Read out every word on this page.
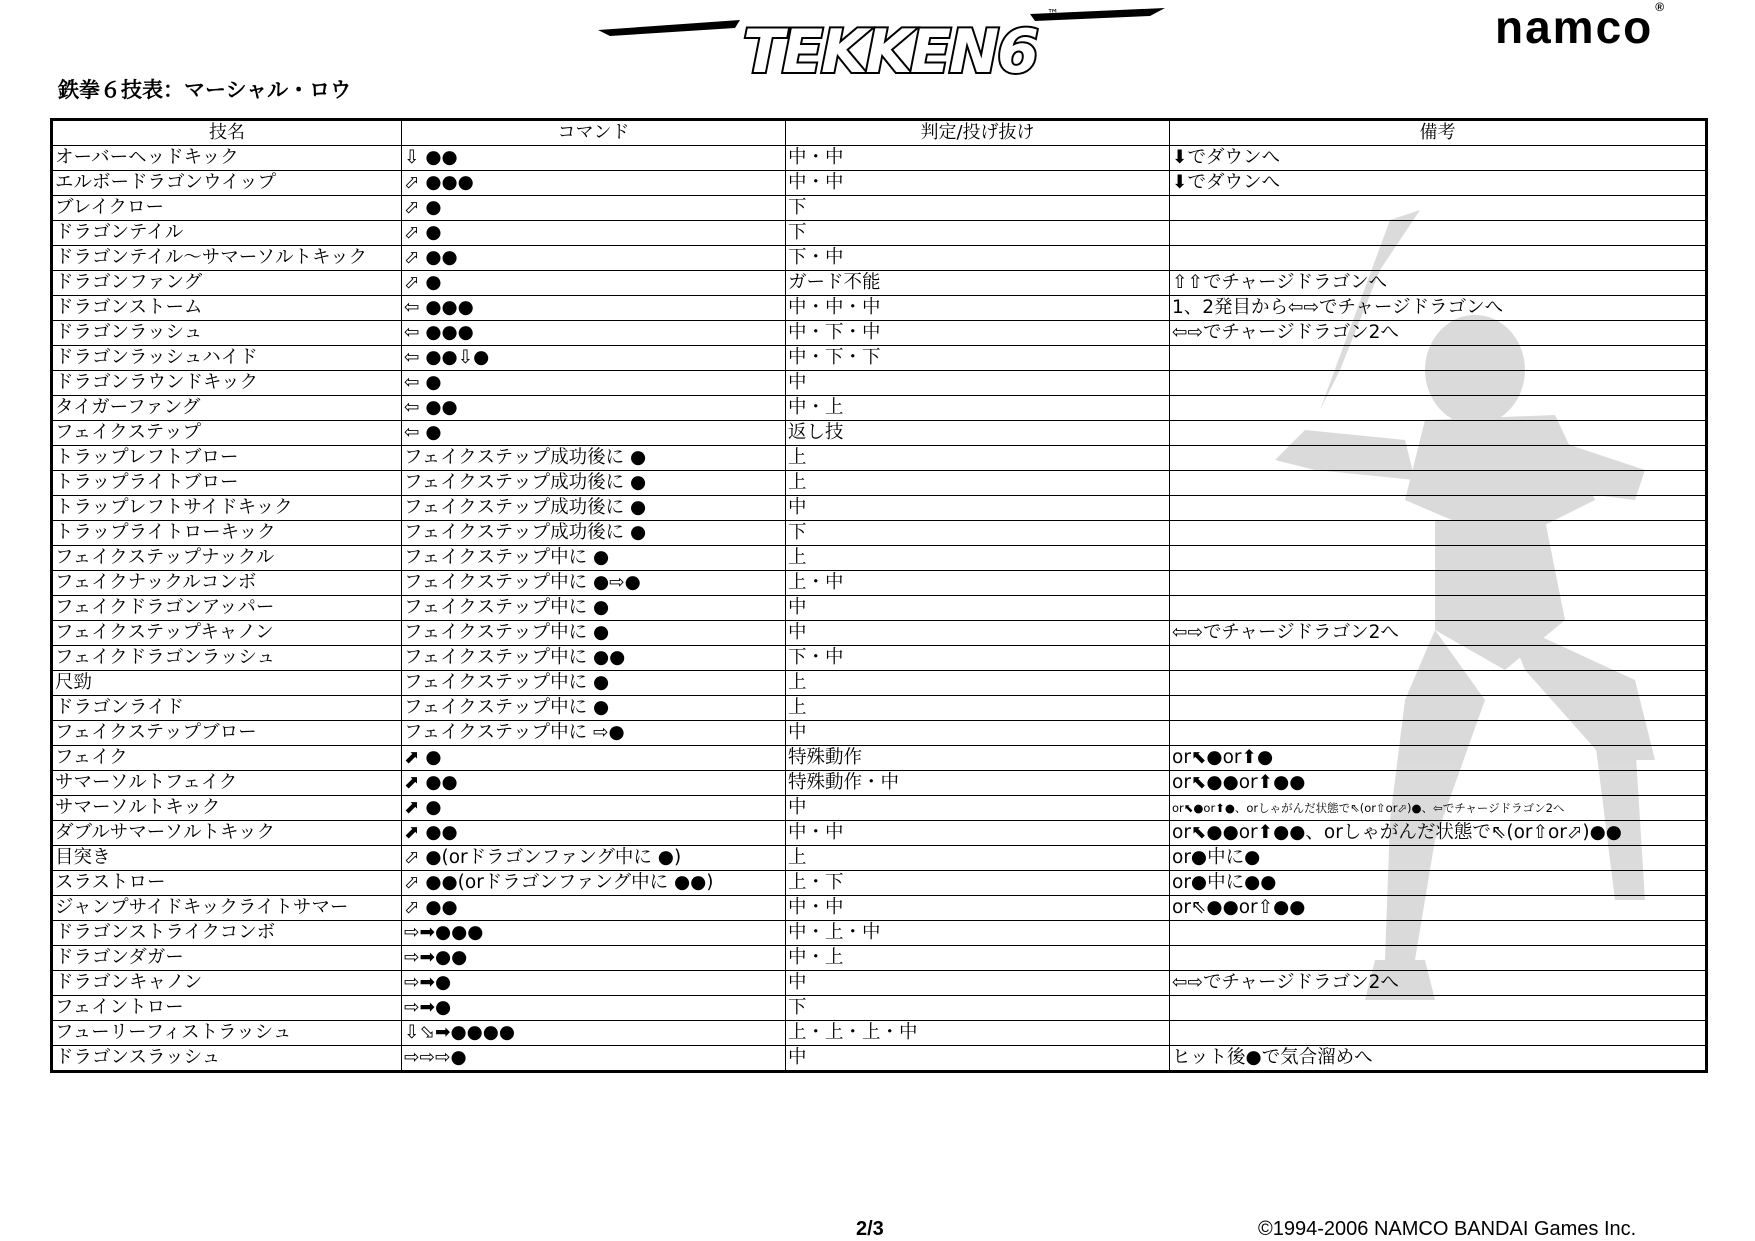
TEKKEN6
™	namco ®
鉄拳６技表：マーシャル・ロウ
技名	コマンド	判定/投げ抜け	備考
オーバーヘッドキック	⇩ ●●	中・中	⬇でダウンへ
エルボードラゴンウイップ	⬀ ●●●	中・中	⬇でダウンへ
ブレイクロー	⬀ ●	下	
ドラゴンテイル	⬀ ●	下	
ドラゴンテイル～サマーソルトキック	⬀ ●●	下・中	
ドラゴンファング	⬀ ●	ガード不能	⇧⇧でチャージドラゴンへ
ドラゴンストーム	⇦ ●●●	中・中・中	1、2発目から⇦⇨でチャージドラゴンへ
ドラゴンラッシュ	⇦ ●●●	中・下・中	⇦⇨でチャージドラゴン2へ
ドラゴンラッシュハイド	⇦ ●●⇩●	中・下・下	
ドラゴンラウンドキック	⇦ ●	中	
タイガーファング	⇦ ●●	中・上	
フェイクステップ	⇦ ●	返し技	
トラップレフトブロー	フェイクステップ成功後に ●	上	
トラップライトブロー	フェイクステップ成功後に ●	上	
トラップレフトサイドキック	フェイクステップ成功後に ●	中	
トラップライトローキック	フェイクステップ成功後に ●	下	
フェイクステップナックル	フェイクステップ中に ●	上	
フェイクナックルコンボ	フェイクステップ中に ●⇨●	上・中	
フェイクドラゴンアッパー	フェイクステップ中に ●	中	
フェイクステップキャノン	フェイクステップ中に ●	中	⇦⇨でチャージドラゴン2へ
フェイクドラゴンラッシュ	フェイクステップ中に ●●	下・中	
尺勁	フェイクステップ中に ●	上	
ドラゴンライド	フェイクステップ中に ●	上	
フェイクステップブロー	フェイクステップ中に ⇨●	中	
フェイク	⬈ ●	特殊動作	or⬉●or⬆●
サマーソルトフェイク	⬈ ●●	特殊動作・中	or⬉●●or⬆●●
サマーソルトキック	⬈ ●	中	or⬉●or⬆●、orしゃがんだ状態で⇖(or⇧or⬀)●、⇦でチャージドラゴン2へ
ダブルサマーソルトキック	⬈ ●●	中・中	or⬉●●or⬆●●、orしゃがんだ状態で⇖(or⇧or⬀)●●
目突き	⬀ ●(orドラゴンファング中に ●)	上	or●中に●
スラストロー	⬀ ●●(orドラゴンファング中に ●●)	上・下	or●中に●●
ジャンプサイドキックライトサマー	⬀ ●●	中・中	or⇖●●or⇧●●
ドラゴンストライクコンボ	⇨➡●●●	中・上・中	
ドラゴンダガー	⇨➡●●	中・上	
ドラゴンキャノン	⇨➡●	中	⇦⇨でチャージドラゴン2へ
フェイントロー	⇨➡●	下	
フューリーフィストラッシュ	⇩⬂➡●●●●	上・上・上・中	
ドラゴンスラッシュ	⇨⇨⇨●	中	ヒット後●で気合溜めへ
2/3	©1994-2006 NAMCO BANDAI Games Inc.
